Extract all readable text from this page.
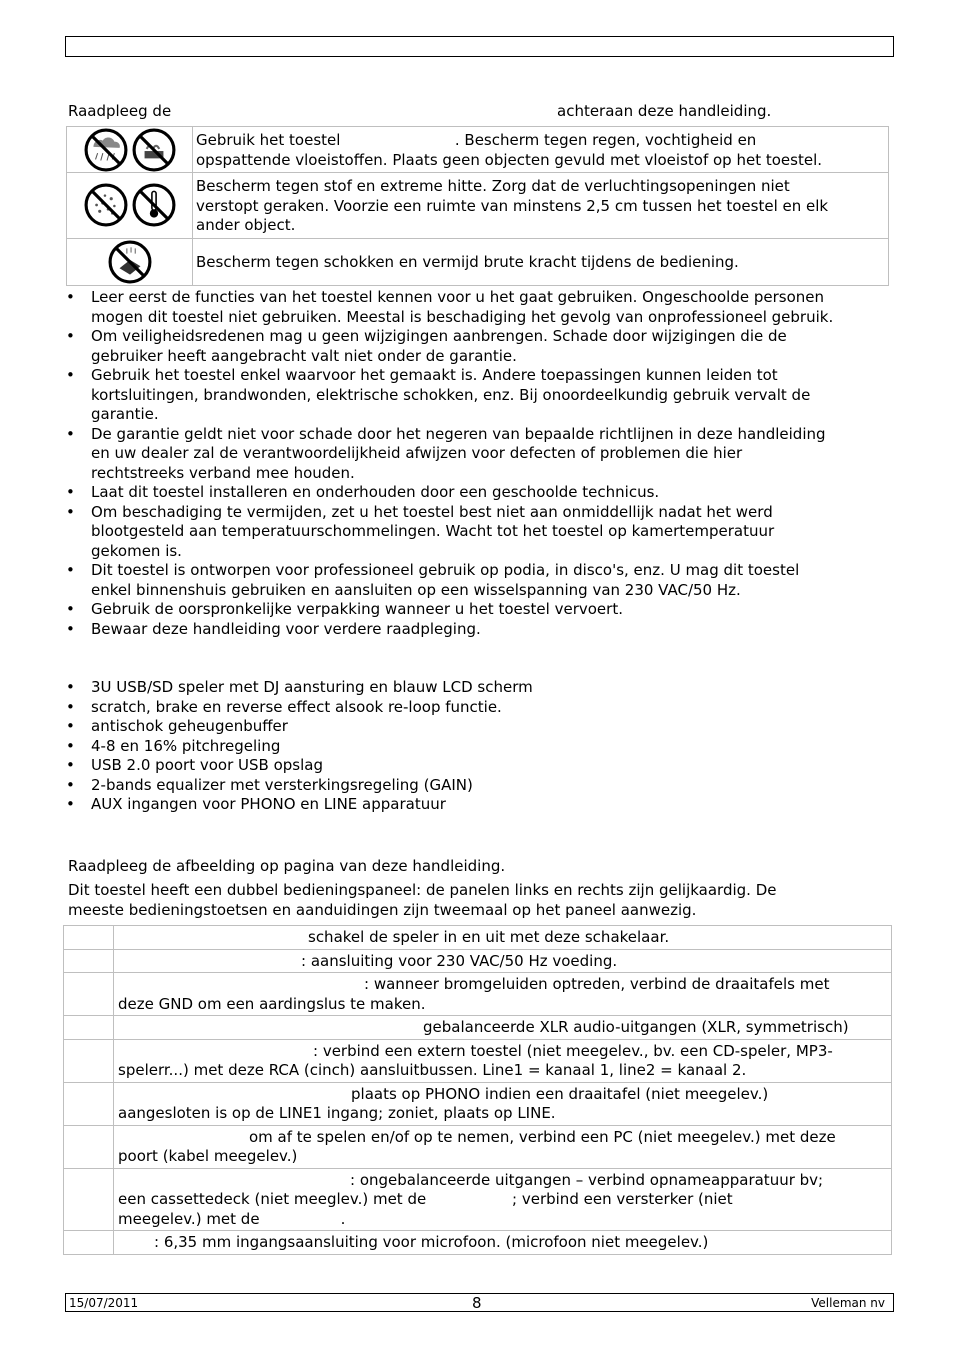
Raadpleeg de	achteraan deze handleiding.

Gebruik het toestel                        . Bescherm tegen regen, vochtigheid en
opspattende vloeistoffen. Plaats geen objecten gevuld met vloeistof op het toestel.

Bescherm tegen stof en extreme hitte. Zorg dat de verluchtingsopeningen niet
verstopt geraken. Voorzie een ruimte van minstens 2,5 cm tussen het toestel en elk
ander object.

Bescherm tegen schokken en vermijd brute kracht tijdens de bediening.
• Leer eerst de functies van het toestel kennen voor u het gaat gebruiken. Ongeschoolde personen
mogen dit toestel niet gebruiken. Meestal is beschadiging het gevolg van onprofessioneel gebruik.
• Om veiligheidsredenen mag u geen wijzigingen aanbrengen. Schade door wijzigingen die de
gebruiker heeft aangebracht valt niet onder de garantie.
• Gebruik het toestel enkel waarvoor het gemaakt is. Andere toepassingen kunnen leiden tot
kortsluitingen, brandwonden, elektrische schokken, enz. Bij onoordeelkundig gebruik vervalt de
garantie.
• De garantie geldt niet voor schade door het negeren van bepaalde richtlijnen in deze handleiding
en uw dealer zal de verantwoordelijkheid afwijzen voor defecten of problemen die hier
rechtstreeks verband mee houden.
• Laat dit toestel installeren en onderhouden door een geschoolde technicus.
• Om beschadiging te vermijden, zet u het toestel best niet aan onmiddellijk nadat het werd
blootgesteld aan temperatuurschommelingen. Wacht tot het toestel op kamertemperatuur
gekomen is.
• Dit toestel is ontworpen voor professioneel gebruik op podia, in disco's, enz. U mag dit toestel
enkel binnenshuis gebruiken en aansluiten op een wisselspanning van 230 VAC/50 Hz.
• Gebruik de oorspronkelijke verpakking wanneer u het toestel vervoert.
• Bewaar deze handleiding voor verdere raadpleging.
• 3U USB/SD speler met DJ aansturing en blauw LCD scherm
• scratch, brake en reverse effect alsook re-loop functie.
• antischok geheugenbuffer
• 4-8 en 16% pitchregeling
• USB 2.0 poort voor USB opslag
• 2-bands equalizer met versterkingsregeling (GAIN)
• AUX ingangen voor PHONO en LINE apparatuur
Raadpleeg de afbeelding op pagina van deze handleiding.
Dit toestel heeft een dubbel bedieningspaneel: de panelen links en rechts zijn gelijkaardig. De
meeste bedieningstoetsen en aanduidingen zijn tweemaal op het paneel aanwezig.

	schakel de speler in en uit met deze schakelaar.

	: aansluiting voor 230 VAC/50 Hz voeding.

	: wanneer bromgeluiden optreden, verbind de draaitafels met
deze GND om een aardingslus te maken.

	gebalanceerde XLR audio-uitgangen (XLR, symmetrisch)

	: verbind een extern toestel (niet meegelev., bv. een CD-speler, MP3-
spelerr...) met deze RCA (cinch) aansluitbussen. Line1 = kanaal 1, line2 = kanaal 2.

	plaats op PHONO indien een draaitafel (niet meegelev.)
aangesloten is op de LINE1 ingang; zoniet, plaats op LINE.

	om af te spelen en/of op te nemen, verbind een PC (niet meegelev.) met deze
poort (kabel meegelev.)

	: ongebalanceerde uitgangen – verbind opnameapparatuur bv;
een cassettedeck (niet meeglev.) met de                  ; verbind een versterker (niet
meegelev.) met de                 .

	: 6,35 mm ingangsaansluiting voor microfoon. (microfoon niet meegelev.)
15/07/2011	8	Velleman nv
